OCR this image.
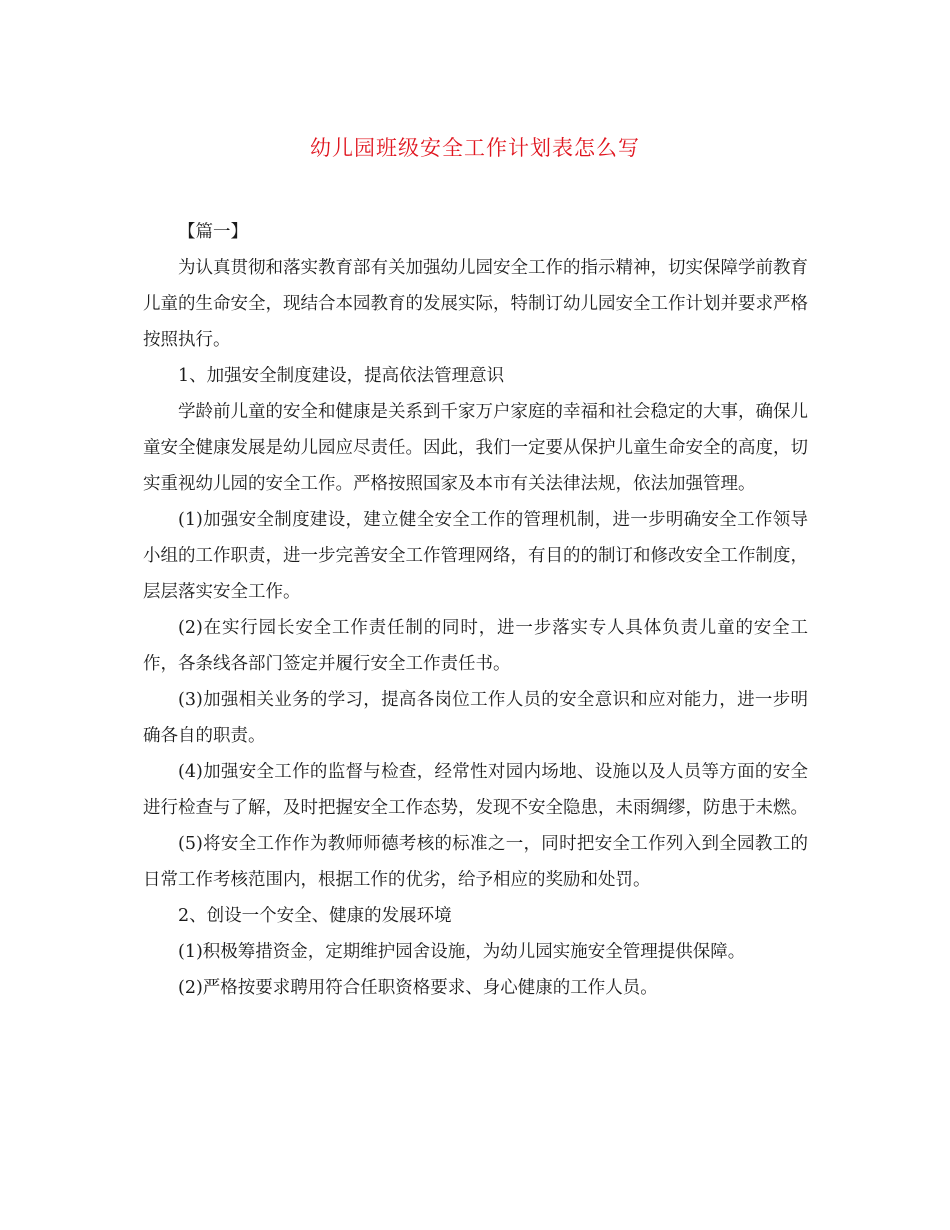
幼儿园班级安全工作计划表怎么写

【篇一】

为认真贯彻和落实教育部有关加强幼儿园安全工作的指示精神，切实保障学前教育儿童的生命安全，现结合本园教育的发展实际，特制订幼儿园安全工作计划并要求严格按照执行。

1、加强安全制度建设，提高依法管理意识

学龄前儿童的安全和健康是关系到千家万户家庭的幸福和社会稳定的大事，确保儿童安全健康发展是幼儿园应尽责任。因此，我们一定要从保护儿童生命安全的高度，切实重视幼儿园的安全工作。严格按照国家及本市有关法律法规，依法加强管理。

(1)加强安全制度建设，建立健全安全工作的管理机制，进一步明确安全工作领导小组的工作职责，进一步完善安全工作管理网络，有目的的制订和修改安全工作制度，层层落实安全工作。

(2)在实行园长安全工作责任制的同时，进一步落实专人具体负责儿童的安全工作，各条线各部门签定并履行安全工作责任书。

(3)加强相关业务的学习，提高各岗位工作人员的安全意识和应对能力，进一步明确各自的职责。

(4)加强安全工作的监督与检查，经常性对园内场地、设施以及人员等方面的安全进行检查与了解，及时把握安全工作态势，发现不安全隐患，未雨绸缪，防患于未燃。

(5)将安全工作作为教师师德考核的标准之一，同时把安全工作列入到全园教工的日常工作考核范围内，根据工作的优劣，给予相应的奖励和处罚。

2、创设一个安全、健康的发展环境

(1)积极筹措资金，定期维护园舍设施，为幼儿园实施安全管理提供保障。

(2)严格按要求聘用符合任职资格要求、身心健康的工作人员。
